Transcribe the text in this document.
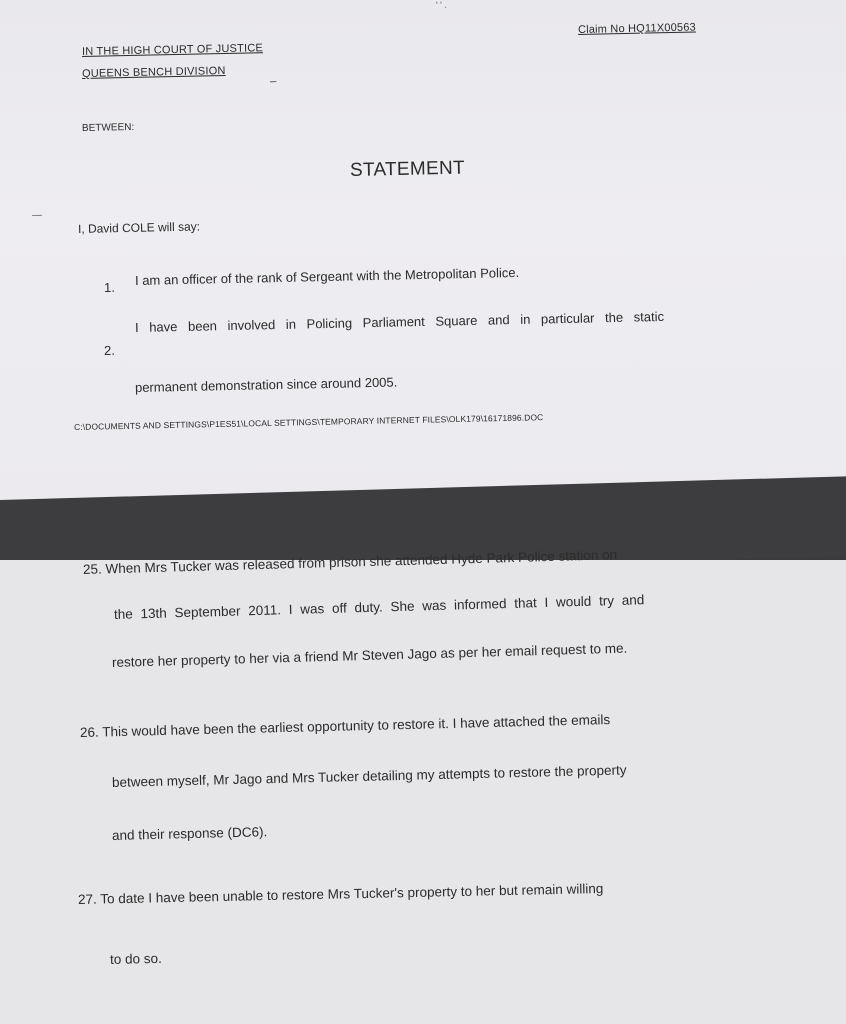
' ' .
Claim No HQ11X00563
IN THE HIGH COURT OF JUSTICE
QUEENS BENCH DIVISION	_
BETWEEN:
STATEMENT
—
I, David COLE will say:
1. I am an officer of the rank of Sergeant with the Metropolitan Police.
2.
I have been involved in Policing Parliament Square and in particular the static
permanent demonstration since around 2005.
C:\DOCUMENTS AND SETTINGS\P1ES51\LOCAL SETTINGS\TEMPORARY INTERNET FILES\OLK179\16171896.DOC
25. When Mrs Tucker was released from prison she attended Hyde Park Police station on
the 13th September 2011. I was off duty. She was informed that I would try and
restore her property to her via a friend Mr Steven Jago as per her email request to me.
26. This would have been the earliest opportunity to restore it. I have attached the emails
between myself, Mr Jago and Mrs Tucker detailing my attempts to restore the property
and their response (DC6).
27. To date I have been unable to restore Mrs Tucker's property to her but remain willing
to do so.
